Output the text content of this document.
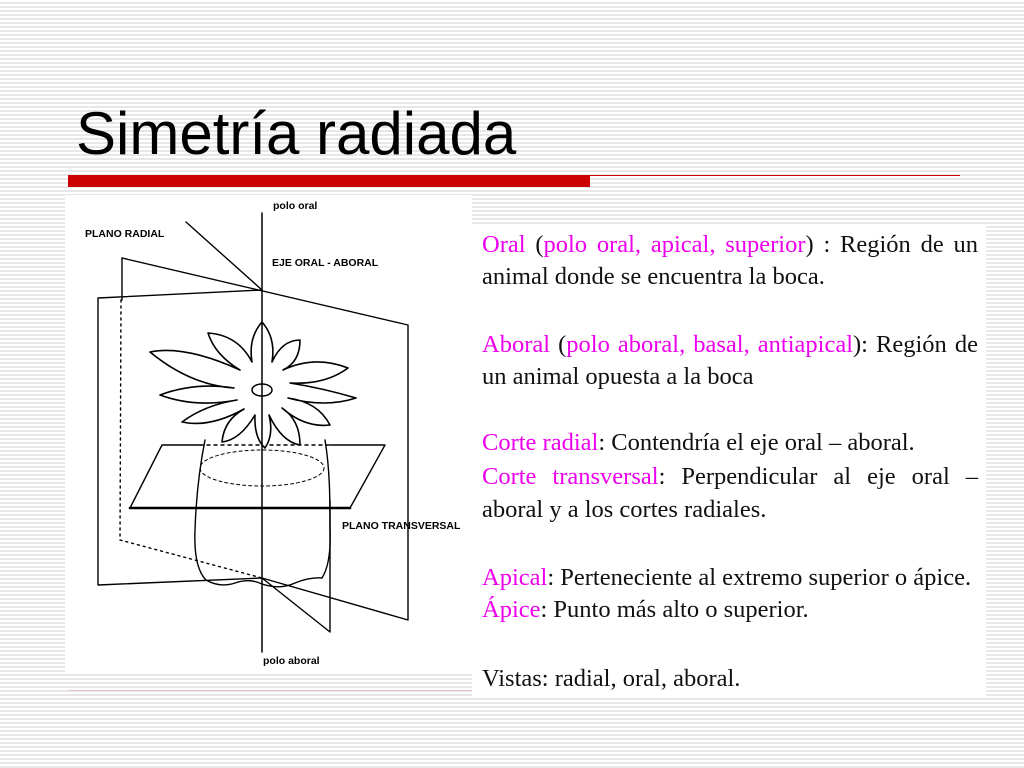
Simetría radiada
polo oral
PLANO RADIAL
EJE ORAL - ABORAL
PLANO TRANSVERSAL
polo aboral
Oral (polo oral, apical, superior) : Región de un
animal donde se encuentra la boca.
Aboral (polo aboral, basal, antiapical): Región de
un animal opuesta a la boca
Corte radial: Contendría el eje oral – aboral.
Corte transversal: Perpendicular al eje oral –
aboral y a los cortes radiales.
Apical: Perteneciente al extremo superior o ápice.
Ápice: Punto más alto o superior.
Vistas: radial, oral, aboral.
